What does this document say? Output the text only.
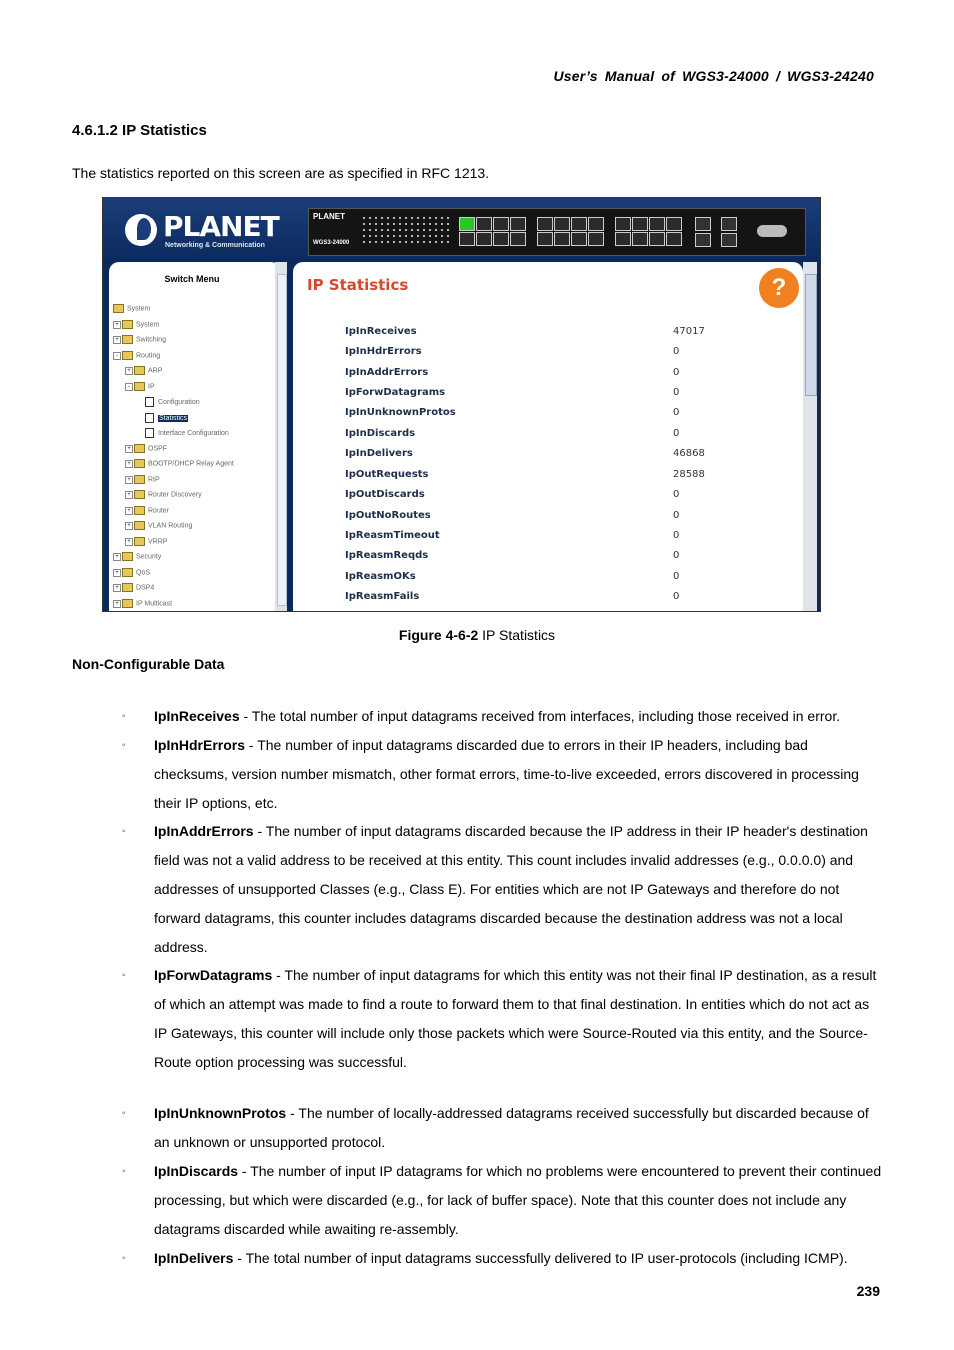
User’s Manual of WGS3-24000 / WGS3-24240
4.6.1.2 IP Statistics
The statistics reported on this screen are as specified in RFC 1213.
PLANET
Networking & Communication
PLANET
WGS3-24000
Switch Menu
System
+ System
+ Switching
-	Routing
+ ARP
-	IP
Configuration
Statistics
Interface Configuration
+ OSPF
+ BOOTP/DHCP Relay Agent
+ RIP
+ Router Discovery
+ Router
+ VLAN Routing
+ VRRP
+ Security
+ QoS
+ DSP4
+ IP Multicast
IP Statistics	?
IpInReceives	47017
IpInHdrErrors	0
IpInAddrErrors	0
IpForwDatagrams	0
IpInUnknownProtos	0
IpInDiscards	0
IpInDelivers	46868
IpOutRequests	28588
IpOutDiscards	0
IpOutNoRoutes	0
IpReasmTimeout	0
IpReasmReqds	0
IpReasmOKs	0
IpReasmFails	0
Figure 4-6-2 IP Statistics
Non-Configurable Data
◦ IpInReceives - The total number of input datagrams received from interfaces, including those received in error.
◦ IpInHdrErrors - The number of input datagrams discarded due to errors in their IP headers, including bad checksums, version number mismatch, other format errors, time-to-live exceeded, errors discovered in processing their IP options, etc.
◦ IpInAddrErrors - The number of input datagrams discarded because the IP address in their IP header's destination field was not a valid address to be received at this entity. This count includes invalid addresses (e.g., 0.0.0.0) and addresses of unsupported Classes (e.g., Class E). For entities which are not IP Gateways and therefore do not forward datagrams, this counter includes datagrams discarded because the destination address was not a local address.
◦ IpForwDatagrams - The number of input datagrams for which this entity was not their final IP destination, as a result of which an attempt was made to find a route to forward them to that final destination. In entities which do not act as IP Gateways, this counter will include only those packets which were Source-Routed via this entity, and the Source-Route option processing was successful.
◦ IpInUnknownProtos - The number of locally-addressed datagrams received successfully but discarded because of an unknown or unsupported protocol.
◦ IpInDiscards - The number of input IP datagrams for which no problems were encountered to prevent their continued processing, but which were discarded (e.g., for lack of buffer space). Note that this counter does not include any datagrams discarded while awaiting re-assembly.
◦ IpInDelivers - The total number of input datagrams successfully delivered to IP user-protocols (including ICMP).
239
